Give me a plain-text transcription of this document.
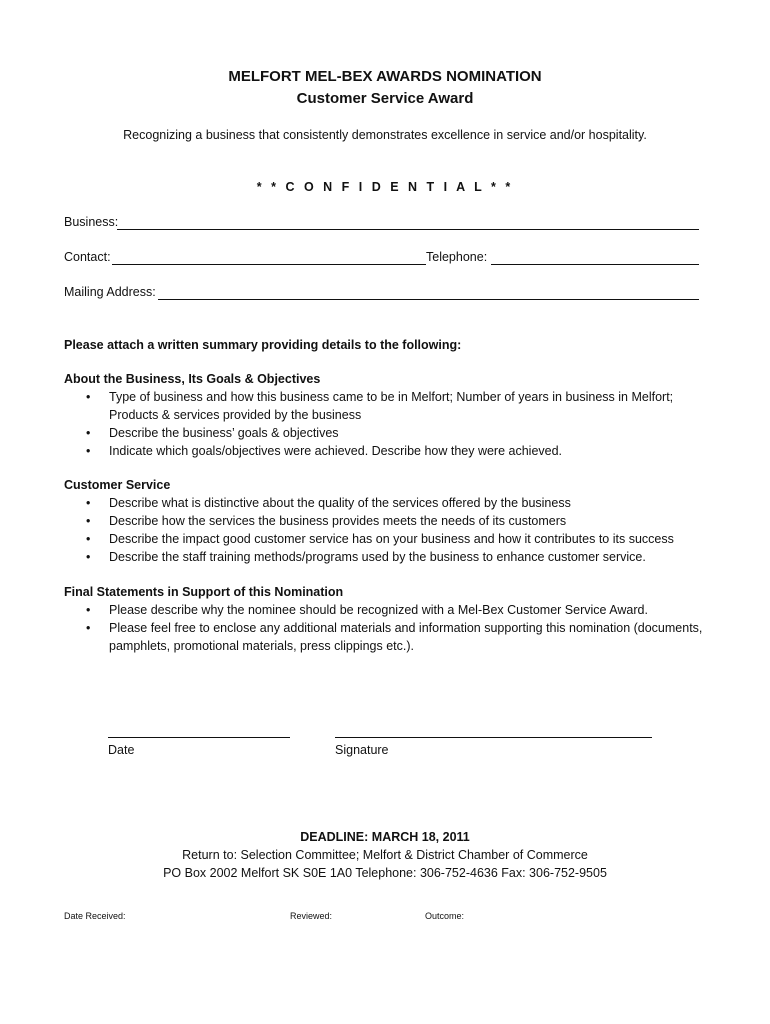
MELFORT MEL-BEX AWARDS NOMINATION
Customer Service Award
Recognizing a business that consistently demonstrates excellence in service and/or hospitality.
* * C O N F I D E N T I A L * *
Business:
Contact:	Telephone:
Mailing Address:
Please attach a written summary providing details to the following:
About the Business, Its Goals & Objectives
• Type of business and how this business came to be in Melfort; Number of years in business in Melfort; Products & services provided by the business
• Describe the business’ goals & objectives
• Indicate which goals/objectives were achieved. Describe how they were achieved.
Customer Service
• Describe what is distinctive about the quality of the services offered by the business
• Describe how the services the business provides meets the needs of its customers
• Describe the impact good customer service has on your business and how it contributes to its success
• Describe the staff training methods/programs used by the business to enhance customer service.
Final Statements in Support of this Nomination
• Please describe why the nominee should be recognized with a Mel-Bex Customer Service Award.
• Please feel free to enclose any additional materials and information supporting this nomination (documents, pamphlets, promotional materials, press clippings etc.).
Date	Signature
DEADLINE: MARCH 18, 2011
Return to: Selection Committee; Melfort & District Chamber of Commerce
PO Box 2002 Melfort SK S0E 1A0 Telephone: 306-752-4636 Fax: 306-752-9505
Date Received:	Reviewed:	Outcome:
